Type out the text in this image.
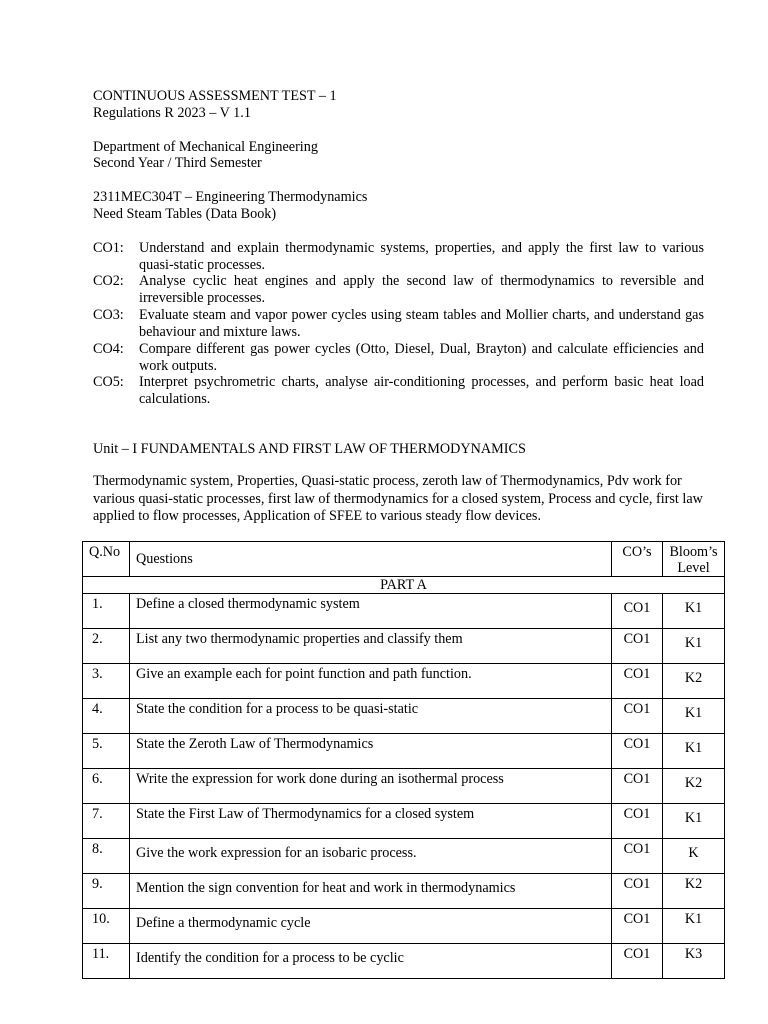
CONTINUOUS ASSESSMENT TEST – 1
Regulations R 2023 – V 1.1
Department of Mechanical Engineering
Second Year / Third Semester
2311MEC304T – Engineering Thermodynamics
Need Steam Tables (Data Book)
CO1: Understand and explain thermodynamic systems, properties, and apply the first law to various quasi-static processes.
CO2: Analyse cyclic heat engines and apply the second law of thermodynamics to reversible and irreversible processes.
CO3: Evaluate steam and vapor power cycles using steam tables and Mollier charts, and understand gas behaviour and mixture laws.
CO4: Compare different gas power cycles (Otto, Diesel, Dual, Brayton) and calculate efficiencies and work outputs.
CO5: Interpret psychrometric charts, analyse air-conditioning processes, and perform basic heat load calculations.
Unit – I FUNDAMENTALS AND FIRST LAW OF THERMODYNAMICS
Thermodynamic system, Properties, Quasi-static process, zeroth law of Thermodynamics, Pdv work for various quasi-static processes, first law of thermodynamics for a closed system, Process and cycle, first law applied to flow processes, Application of SFEE to various steady flow devices.
Q.No	Questions	CO’s	Bloom’s Level
PART A			
1.	Define a closed thermodynamic system	CO1	K1
2.	List any two thermodynamic properties and classify them	CO1	K1
3.	Give an example each for point function and path function.	CO1	K2
4.	State the condition for a process to be quasi-static	CO1	K1
5.	State the Zeroth Law of Thermodynamics	CO1	K1
6.	Write the expression for work done during an isothermal process	CO1	K2
7.	State the First Law of Thermodynamics for a closed system	CO1	K1
8.	Give the work expression for an isobaric process.	CO1	K
9.	Mention the sign convention for heat and work in thermodynamics	CO1	K2
10.	Define a thermodynamic cycle	CO1	K1
11.	Identify the condition for a process to be cyclic	CO1	K3
